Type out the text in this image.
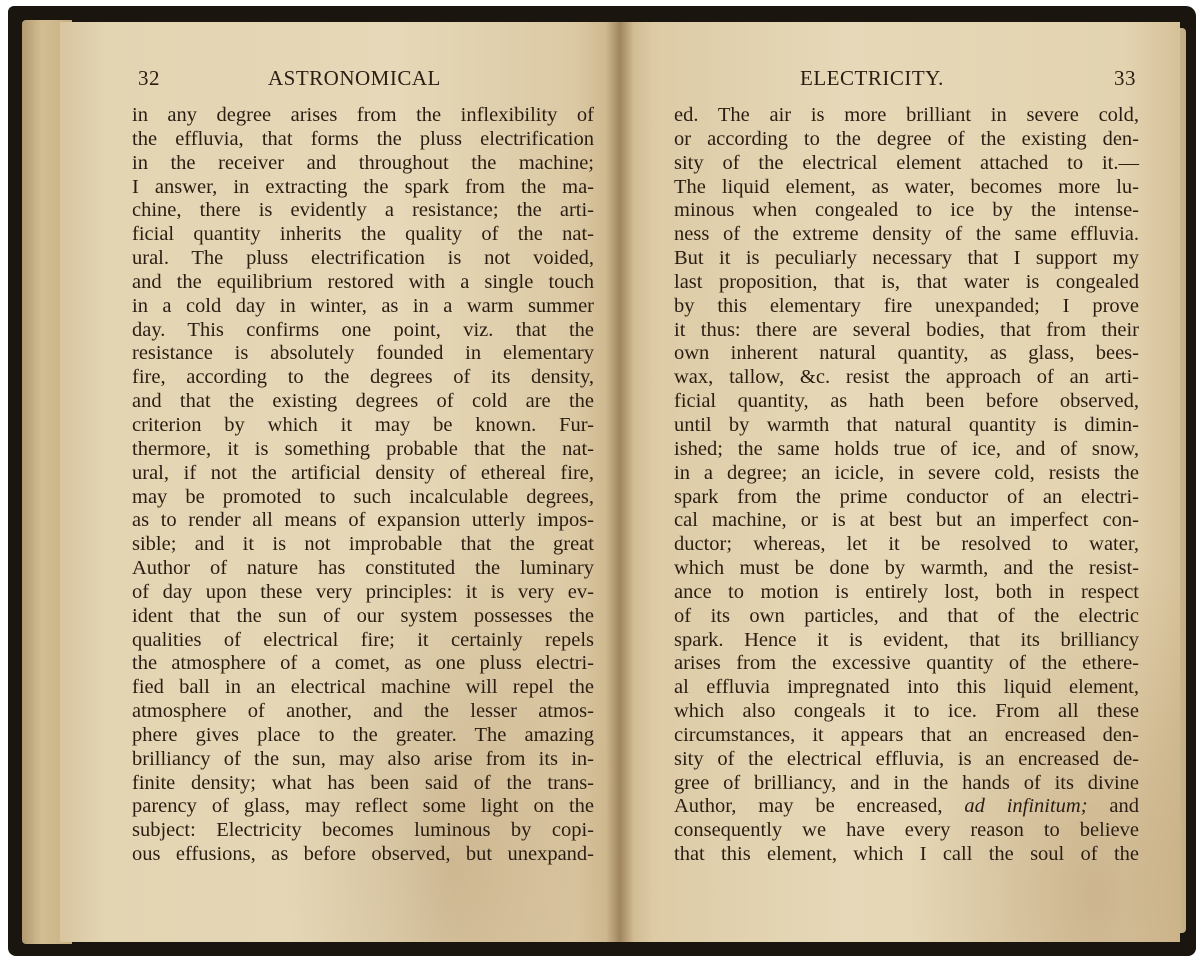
32	ASTRONOMICAL
in any degree arises from the inflexibility of
the effluvia, that forms the pluss electrification
in the receiver and throughout the machine;
I answer, in extracting the spark from the ma-
chine, there is evidently a resistance; the arti-
ficial quantity inherits the quality of the nat-
ural. The pluss electrification is not voided,
and the equilibrium restored with a single touch
in a cold day in winter, as in a warm summer
day. This confirms one point, viz. that the
resistance is absolutely founded in elementary
fire, according to the degrees of its density,
and that the existing degrees of cold are the
criterion by which it may be known. Fur-
thermore, it is something probable that the nat-
ural, if not the artificial density of ethereal fire,
may be promoted to such incalculable degrees,
as to render all means of expansion utterly impos-
sible; and it is not improbable that the great
Author of nature has constituted the luminary
of day upon these very principles: it is very ev-
ident that the sun of our system possesses the
qualities of electrical fire; it certainly repels
the atmosphere of a comet, as one pluss electri-
fied ball in an electrical machine will repel the
atmosphere of another, and the lesser atmos-
phere gives place to the greater. The amazing
brilliancy of the sun, may also arise from its in-
finite density; what has been said of the trans-
parency of glass, may reflect some light on the
subject: Electricity becomes luminous by copi-
ous effusions, as before observed, but unexpand-
ELECTRICITY.	33
ed. The air is more brilliant in severe cold,
or according to the degree of the existing den-
sity of the electrical element attached to it.—
The liquid element, as water, becomes more lu-
minous when congealed to ice by the intense-
ness of the extreme density of the same effluvia.
But it is peculiarly necessary that I support my
last proposition, that is, that water is congealed
by this elementary fire unexpanded; I prove
it thus: there are several bodies, that from their
own inherent natural quantity, as glass, bees-
wax, tallow, &c. resist the approach of an arti-
ficial quantity, as hath been before observed,
until by warmth that natural quantity is dimin-
ished; the same holds true of ice, and of snow,
in a degree; an icicle, in severe cold, resists the
spark from the prime conductor of an electri-
cal machine, or is at best but an imperfect con-
ductor; whereas, let it be resolved to water,
which must be done by warmth, and the resist-
ance to motion is entirely lost, both in respect
of its own particles, and that of the electric
spark. Hence it is evident, that its brilliancy
arises from the excessive quantity of the ethere-
al effluvia impregnated into this liquid element,
which also congeals it to ice. From all these
circumstances, it appears that an encreased den-
sity of the electrical effluvia, is an encreased de-
gree of brilliancy, and in the hands of its divine
Author, may be encreased, ad infinitum; and
consequently we have every reason to believe
that this element, which I call the soul of the
